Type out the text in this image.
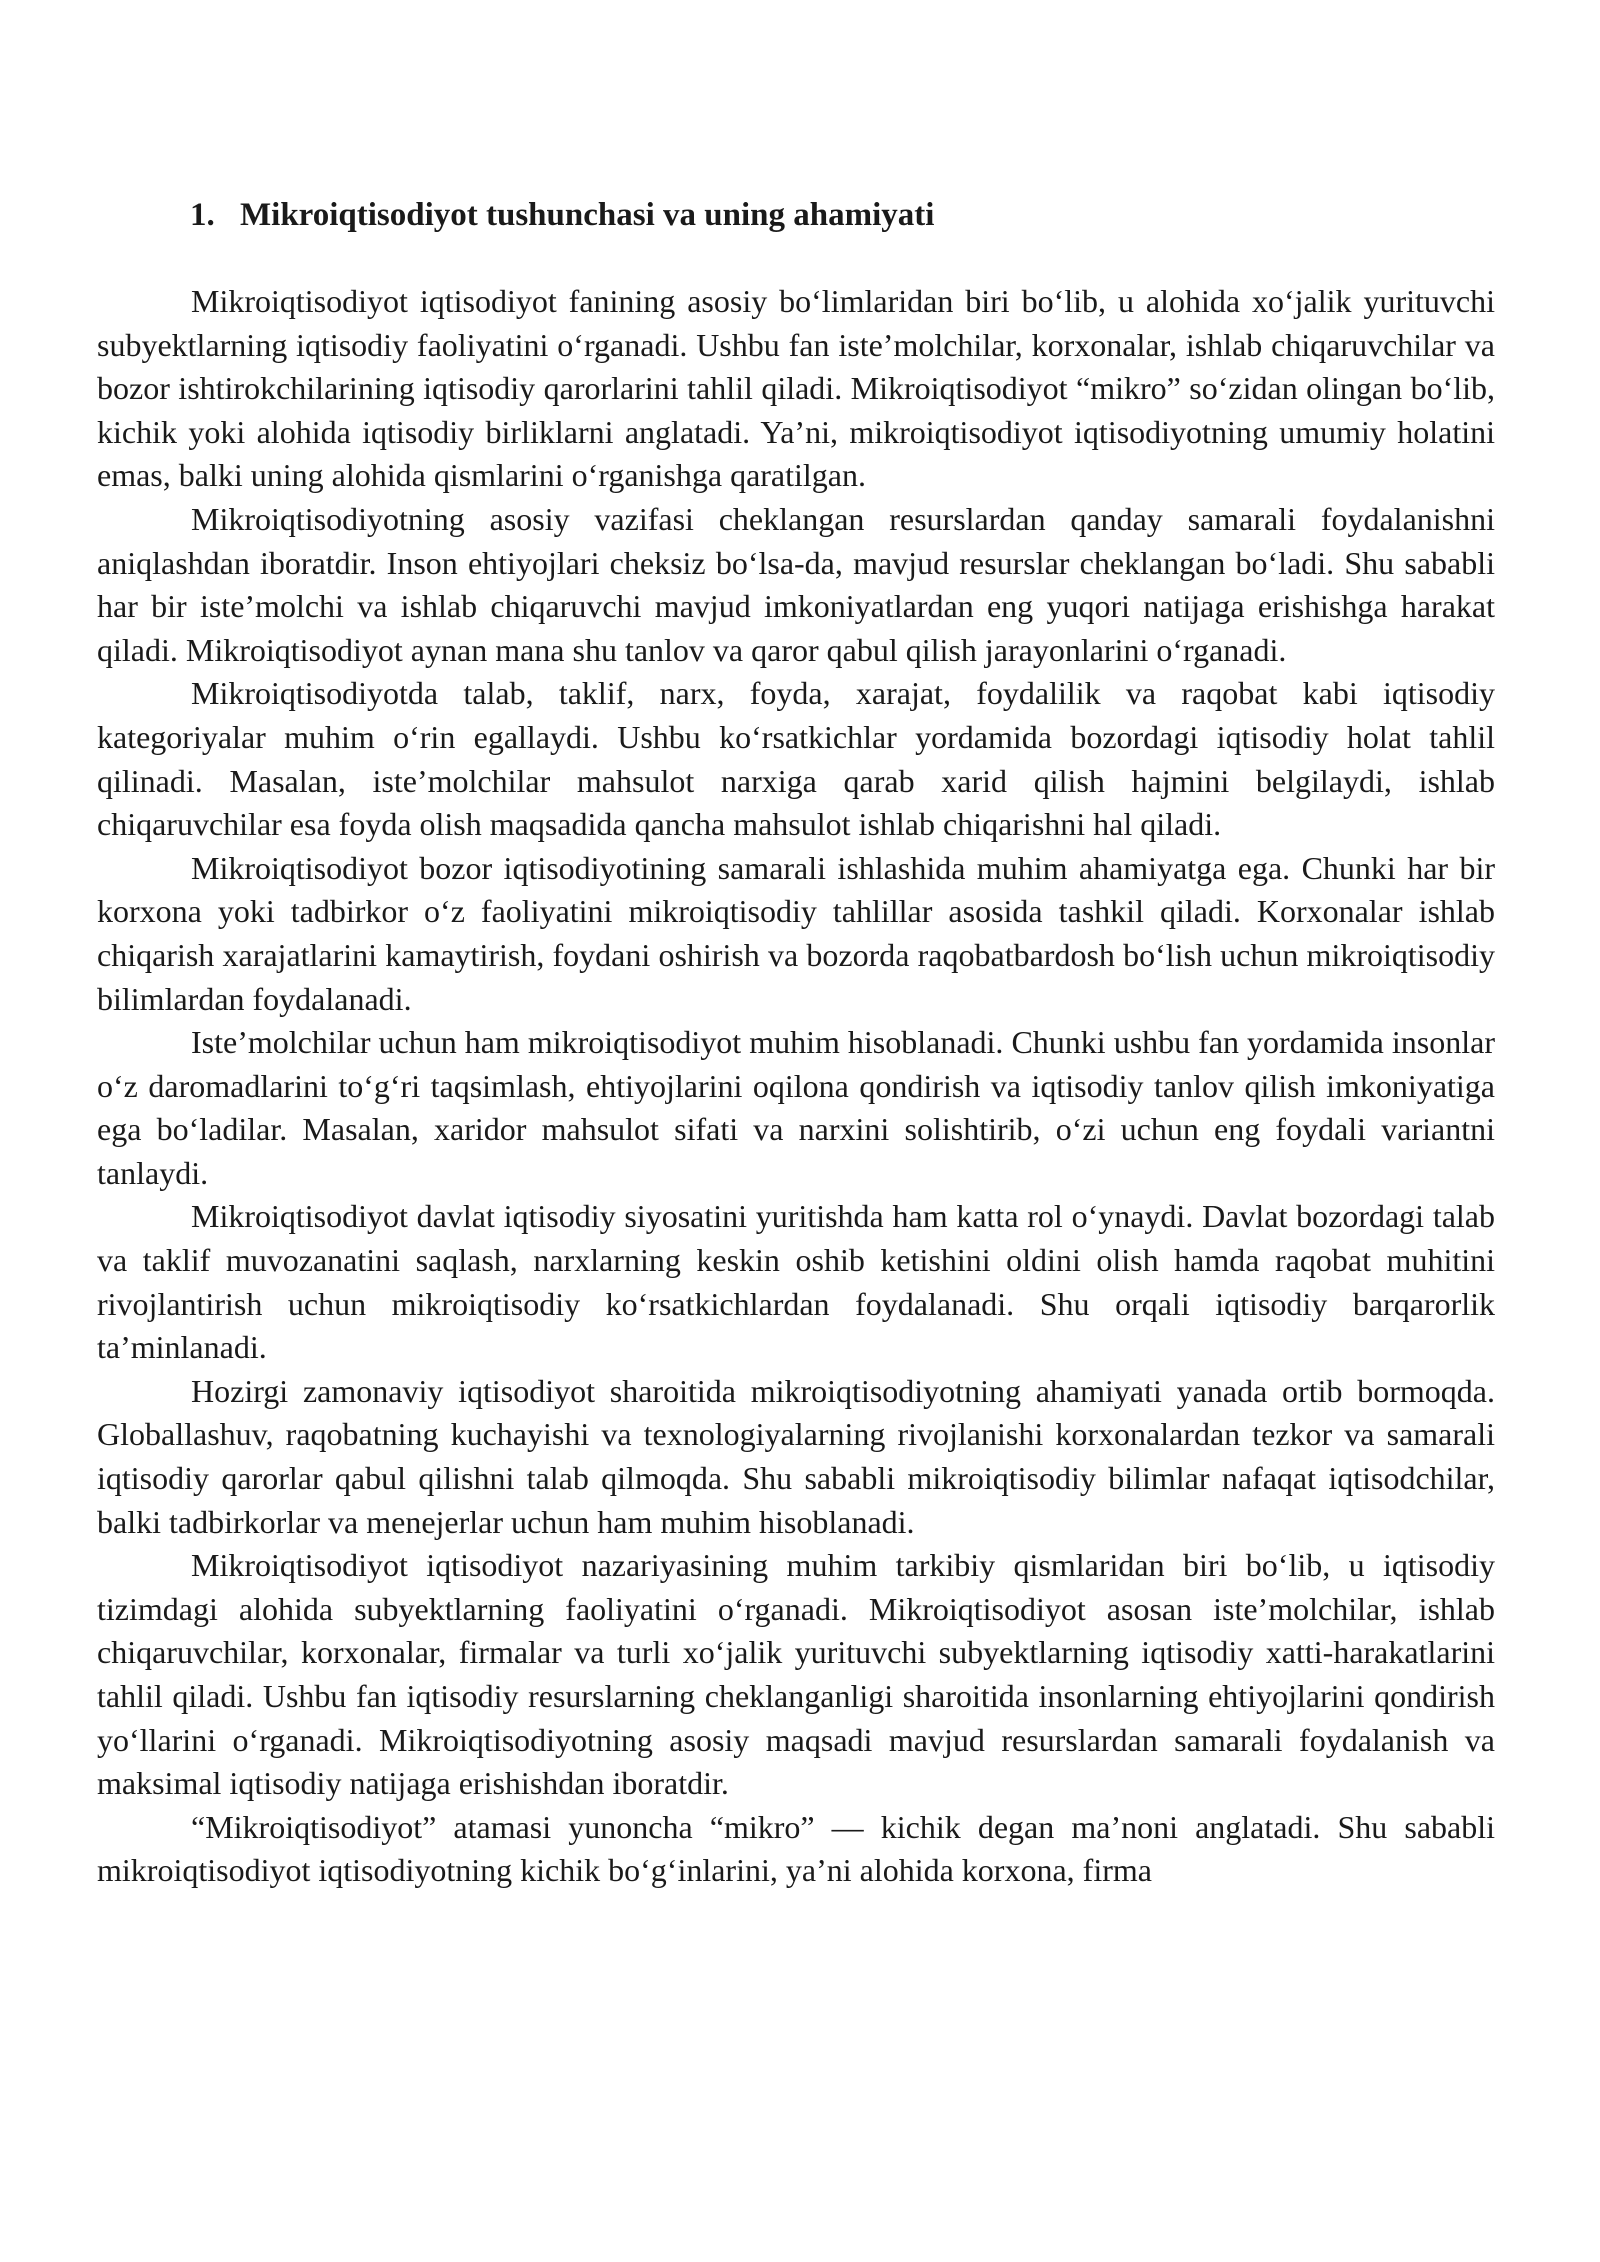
1. Mikroiqtisodiyot tushunchasi va uning ahamiyati

Mikroiqtisodiyot iqtisodiyot fanining asosiy bo‘limlaridan biri bo‘lib, u alohida xo‘jalik yurituvchi subyektlarning iqtisodiy faoliyatini o‘rganadi. Ushbu fan iste’molchilar, korxonalar, ishlab chiqaruvchilar va bozor ishtirokchilarining iqtisodiy qarorlarini tahlil qiladi. Mikroiqtisodiyot “mikro” so‘zidan olingan bo‘lib, kichik yoki alohida iqtisodiy birliklarni anglatadi. Ya’ni, mikroiqtisodiyot iqtisodiyotning umumiy holatini emas, balki uning alohida qismlarini o‘rganishga qaratilgan.

Mikroiqtisodiyotning asosiy vazifasi cheklangan resurslardan qanday samarali foydalanishni aniqlashdan iboratdir. Inson ehtiyojlari cheksiz bo‘lsa-da, mavjud resurslar cheklangan bo‘ladi. Shu sababli har bir iste’molchi va ishlab chiqaruvchi mavjud imkoniyatlardan eng yuqori natijaga erishishga harakat qiladi. Mikroiqtisodiyot aynan mana shu tanlov va qaror qabul qilish jarayonlarini o‘rganadi.

Mikroiqtisodiyotda talab, taklif, narx, foyda, xarajat, foydalilik va raqobat kabi iqtisodiy kategoriyalar muhim o‘rin egallaydi. Ushbu ko‘rsatkichlar yordamida bozordagi iqtisodiy holat tahlil qilinadi. Masalan, iste’molchilar mahsulot narxiga qarab xarid qilish hajmini belgilaydi, ishlab chiqaruvchilar esa foyda olish maqsadida qancha mahsulot ishlab chiqarishni hal qiladi.

Mikroiqtisodiyot bozor iqtisodiyotining samarali ishlashida muhim ahamiyatga ega. Chunki har bir korxona yoki tadbirkor o‘z faoliyatini mikroiqtisodiy tahlillar asosida tashkil qiladi. Korxonalar ishlab chiqarish xarajatlarini kamaytirish, foydani oshirish va bozorda raqobatbardosh bo‘lish uchun mikroiqtisodiy bilimlardan foydalanadi.

Iste’molchilar uchun ham mikroiqtisodiyot muhim hisoblanadi. Chunki ushbu fan yordamida insonlar o‘z daromadlarini to‘g‘ri taqsimlash, ehtiyojlarini oqilona qondirish va iqtisodiy tanlov qilish imkoniyatiga ega bo‘ladilar. Masalan, xaridor mahsulot sifati va narxini solishtirib, o‘zi uchun eng foydali variantni tanlaydi.

Mikroiqtisodiyot davlat iqtisodiy siyosatini yuritishda ham katta rol o‘ynaydi. Davlat bozordagi talab va taklif muvozanatini saqlash, narxlarning keskin oshib ketishini oldini olish hamda raqobat muhitini rivojlantirish uchun mikroiqtisodiy ko‘rsatkichlardan foydalanadi. Shu orqali iqtisodiy barqarorlik ta’minlanadi.

Hozirgi zamonaviy iqtisodiyot sharoitida mikroiqtisodiyotning ahamiyati yanada ortib bormoqda. Globallashuv, raqobatning kuchayishi va texnologiyalarning rivojlanishi korxonalardan tezkor va samarali iqtisodiy qarorlar qabul qilishni talab qilmoqda. Shu sababli mikroiqtisodiy bilimlar nafaqat iqtisodchilar, balki tadbirkorlar va menejerlar uchun ham muhim hisoblanadi.

Mikroiqtisodiyot iqtisodiyot nazariyasining muhim tarkibiy qismlaridan biri bo‘lib, u iqtisodiy tizimdagi alohida subyektlarning faoliyatini o‘rganadi. Mikroiqtisodiyot asosan iste’molchilar, ishlab chiqaruvchilar, korxonalar, firmalar va turli xo‘jalik yurituvchi subyektlarning iqtisodiy xatti-harakatlarini tahlil qiladi. Ushbu fan iqtisodiy resurslarning cheklanganligi sharoitida insonlarning ehtiyojlarini qondirish yo‘llarini o‘rganadi. Mikroiqtisodiyotning asosiy maqsadi mavjud resurslardan samarali foydalanish va maksimal iqtisodiy natijaga erishishdan iboratdir.

“Mikroiqtisodiyot” atamasi yunoncha “mikro” — kichik degan ma’noni anglatadi. Shu sababli mikroiqtisodiyot iqtisodiyotning kichik bo‘g‘inlarini, ya’ni alohida korxona, firma
